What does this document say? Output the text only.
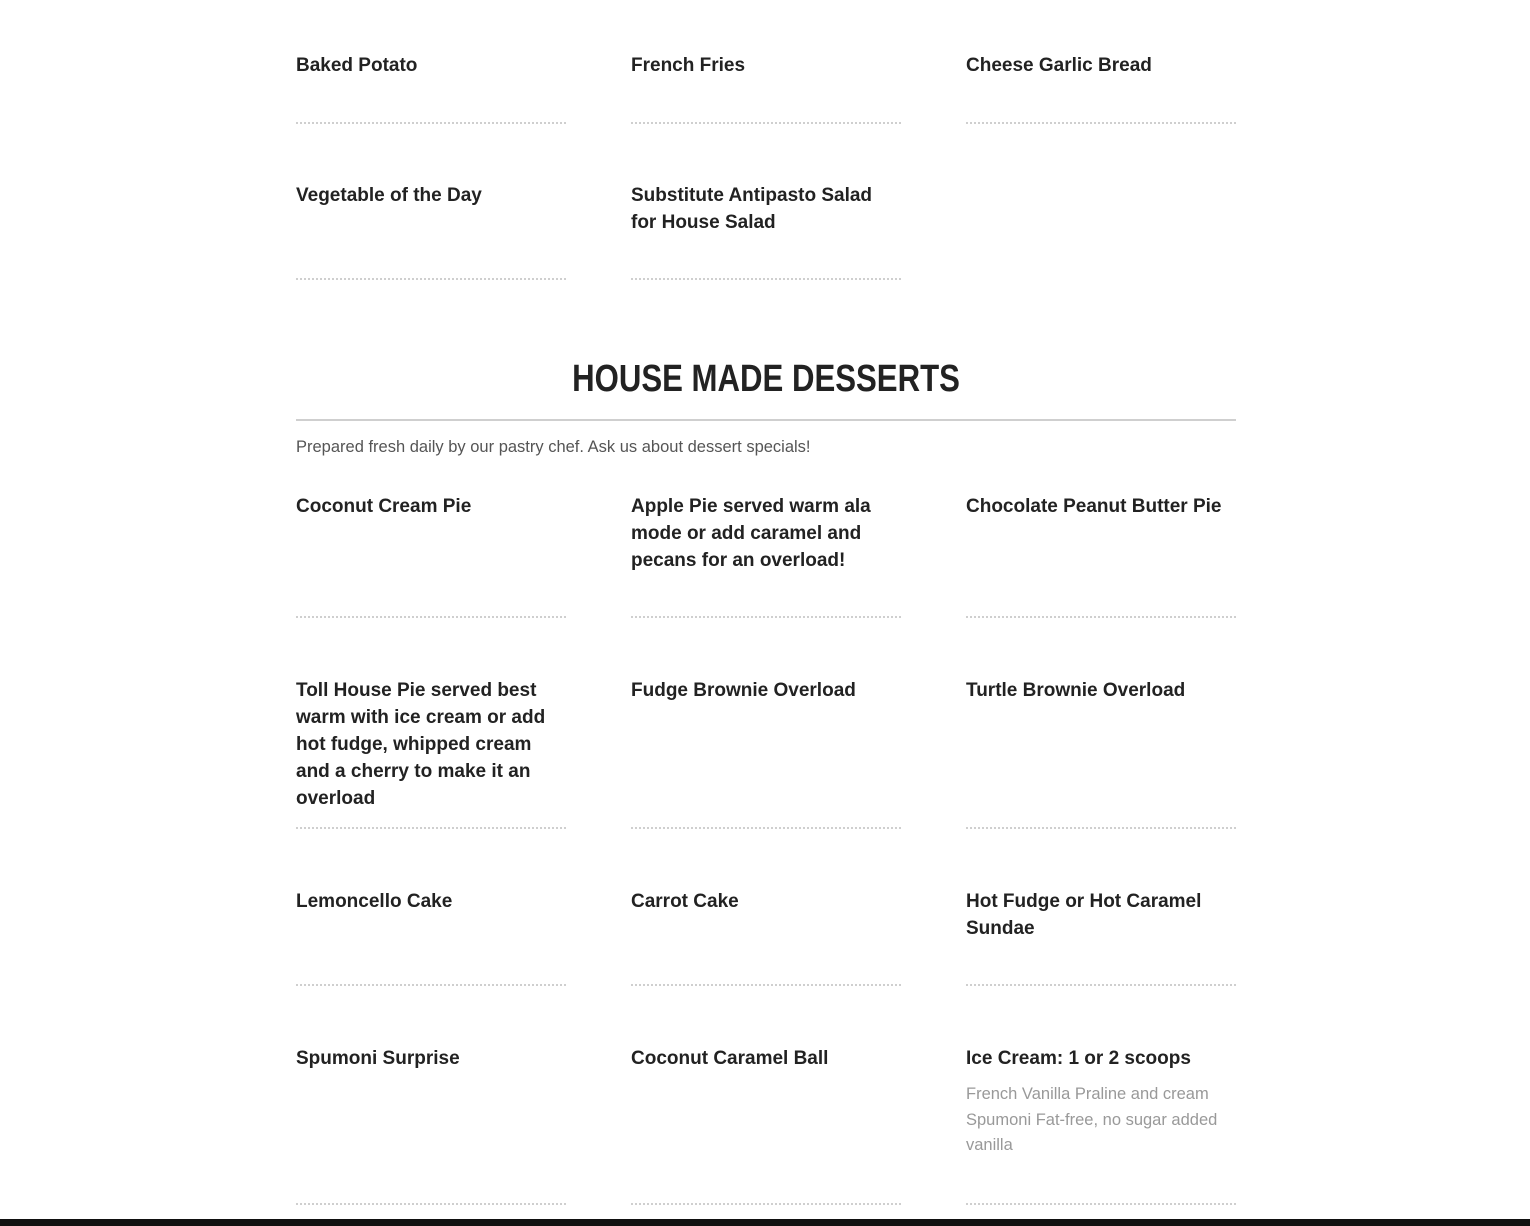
Baked Potato	French Fries	Cheese Garlic Bread

Vegetable of the Day	Substitute Antipasto Salad for House Salad

HOUSE MADE DESSERTS

Prepared fresh daily by our pastry chef. Ask us about dessert specials!

Coconut Cream Pie	Apple Pie served warm ala mode or add caramel and pecans for an overload!

Chocolate Peanut Butter Pie

Toll House Pie served best warm with ice cream or add hot fudge, whipped cream and a cherry to make it an overload

Fudge Brownie Overload	Turtle Brownie Overload

Lemoncello Cake	Carrot Cake	Hot Fudge or Hot Caramel Sundae

Spumoni Surprise	Coconut Caramel Ball	Ice Cream: 1 or 2 scoops

French Vanilla Praline and cream Spumoni Fat-free, no sugar added vanilla
